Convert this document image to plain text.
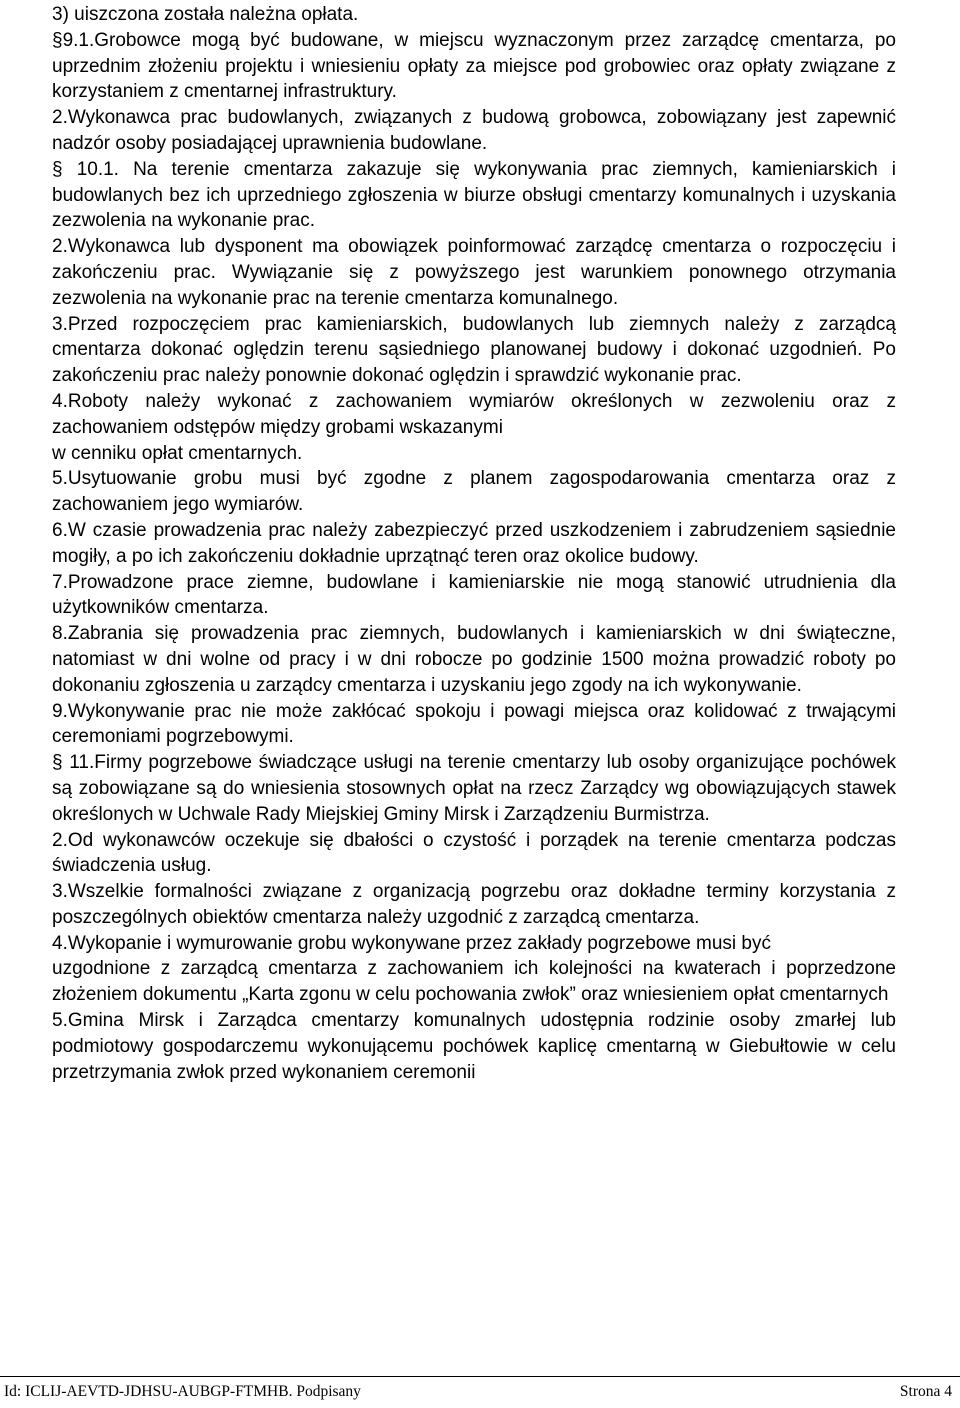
3) uiszczona została należna opłata.

§9.1.Grobowce mogą być budowane, w miejscu wyznaczonym przez zarządcę cmentarza, po uprzednim złożeniu projektu i wniesieniu opłaty za miejsce pod grobowiec oraz opłaty związane z korzystaniem z cmentarnej infrastruktury.

2.Wykonawca prac budowlanych, związanych z budową grobowca, zobowiązany jest zapewnić nadzór osoby posiadającej uprawnienia budowlane.

§ 10.1. Na terenie cmentarza zakazuje się wykonywania prac ziemnych, kamieniarskich i budowlanych bez ich uprzedniego zgłoszenia w biurze obsługi cmentarzy komunalnych i uzyskania zezwolenia na wykonanie prac.

2.Wykonawca lub dysponent ma obowiązek poinformować zarządcę cmentarza o rozpoczęciu i zakończeniu prac. Wywiązanie się z powyższego jest warunkiem ponownego otrzymania zezwolenia na wykonanie prac na terenie cmentarza komunalnego.

3.Przed rozpoczęciem prac kamieniarskich, budowlanych lub ziemnych należy z zarządcą cmentarza dokonać oględzin terenu sąsiedniego planowanej budowy i dokonać uzgodnień. Po zakończeniu prac należy ponownie dokonać oględzin i sprawdzić wykonanie prac.

4.Roboty należy wykonać z zachowaniem wymiarów określonych w zezwoleniu oraz z zachowaniem odstępów między grobami wskazanymi
w cenniku opłat cmentarnych.

5.Usytuowanie grobu musi być zgodne z planem zagospodarowania cmentarza oraz z zachowaniem jego wymiarów.

6.W czasie prowadzenia prac należy zabezpieczyć przed uszkodzeniem i zabrudzeniem sąsiednie mogiły, a po ich zakończeniu dokładnie uprzątnąć teren oraz okolice budowy.

7.Prowadzone prace ziemne, budowlane i kamieniarskie nie mogą stanowić utrudnienia dla użytkowników cmentarza.

8.Zabrania się prowadzenia prac ziemnych, budowlanych i kamieniarskich w dni świąteczne, natomiast w dni wolne od pracy i w dni robocze po godzinie 1500 można prowadzić roboty po dokonaniu zgłoszenia u zarządcy cmentarza i uzyskaniu jego zgody na ich wykonywanie.

9.Wykonywanie prac nie może zakłócać spokoju i powagi miejsca oraz kolidować z trwającymi ceremoniami pogrzebowymi.

§ 11.Firmy pogrzebowe świadczące usługi na terenie cmentarzy lub osoby organizujące pochówek są zobowiązane są do wniesienia stosownych opłat na rzecz Zarządcy wg obowiązujących stawek określonych w Uchwale Rady Miejskiej Gminy Mirsk i Zarządzeniu Burmistrza.

2.Od wykonawców oczekuje się dbałości o czystość i porządek na terenie cmentarza podczas świadczenia usług.

3.Wszelkie formalności związane z organizacją pogrzebu oraz dokładne terminy korzystania z poszczególnych obiektów cmentarza należy uzgodnić z zarządcą cmentarza.

4.Wykopanie i wymurowanie grobu wykonywane przez zakłady pogrzebowe musi być
uzgodnione z zarządcą cmentarza z zachowaniem ich kolejności na kwaterach i poprzedzone złożeniem dokumentu „Karta zgonu w celu pochowania zwłok” oraz wniesieniem opłat cmentarnych

5.Gmina Mirsk i Zarządca cmentarzy komunalnych udostępnia rodzinie osoby zmarłej lub podmiotowy gospodarczemu wykonującemu pochówek kaplicę cmentarną w Giebułtowie w celu przetrzymania zwłok przed wykonaniem ceremonii

Id: ICLIJ-AEVTD-JDHSU-AUBGP-FTMHB. Podpisany	Strona 4
